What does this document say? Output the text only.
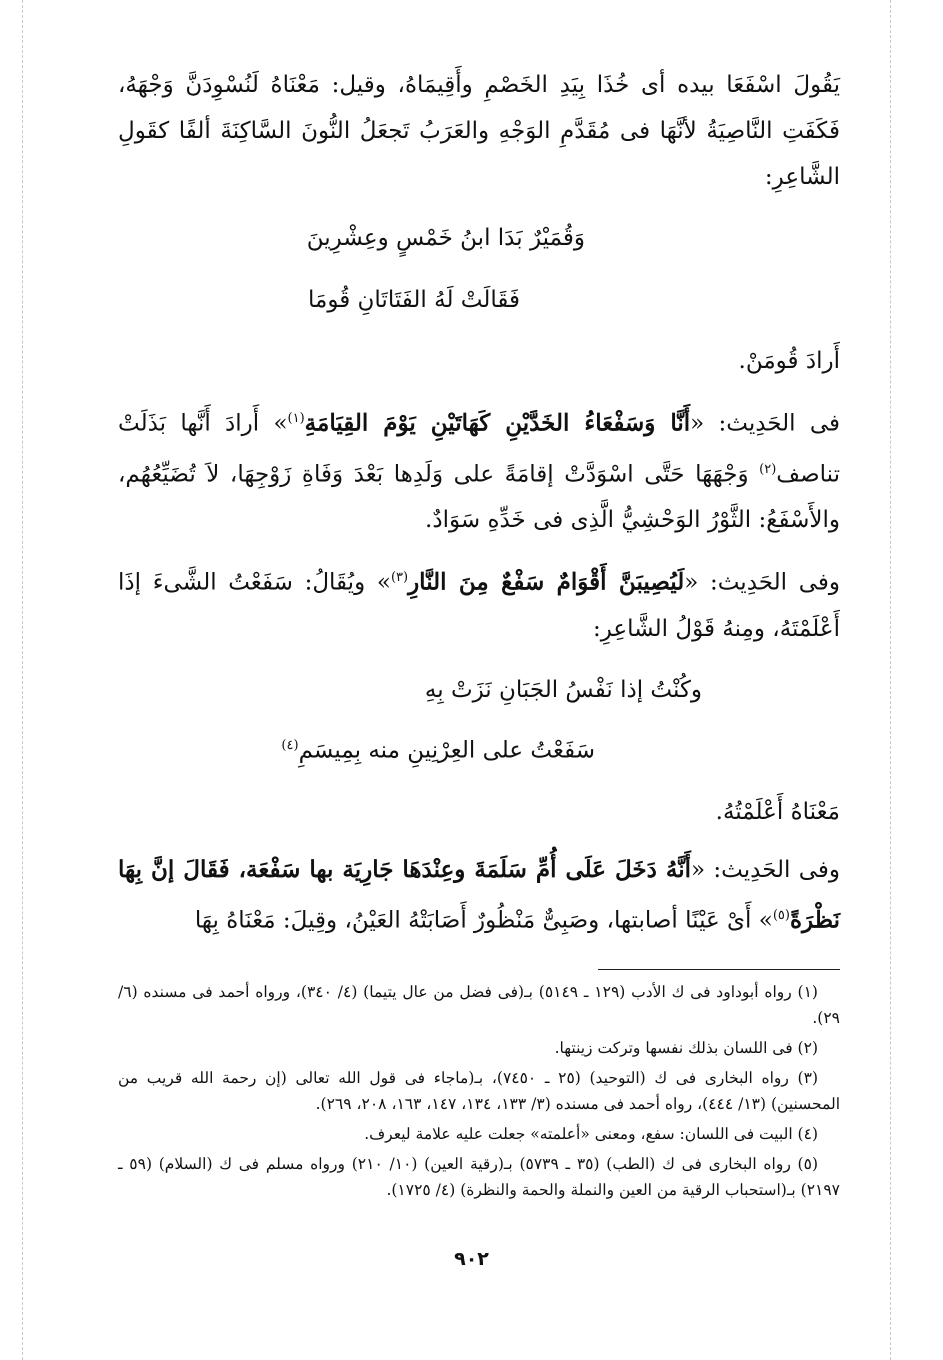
يَقُولَ اسْفَعَا بيده أى خُذَا بِيَدِ الخَصْمِ وأَقِيمَاهُ، وقيل: مَعْنَاهُ لَنُسْوِدَنَّ وَجْهَهُ، فَكَفَتِ النَّاصِيَةُ لأنَّهَا فى مُقَدَّمِ الوَجْهِ والعَرَبُ تَجعَلُ النُّونَ السَّاكِنَةَ ألفًا كقَولِ الشَّاعِرِ:

وَقُمَيْرٌ بَدَا ابنُ خَمْسٍ وعِشْرِينَ
فَقَالَتْ لَهُ الفَتَاتَانِ قُومَا

أَرادَ قُومَنْ.

فى الحَدِيث: «أَنَّا وَسَفْعَاءُ الخَدَّيْنِ كَهَاتَيْنِ يَوْمَ القِيَامَةِ$^{(١)}$» أَرادَ أَنَّها بَذَلَتْ تناصف$^{(٢)}$ وَجْهَهَا حَتَّى اسْوَدَّتْ إقامَةً على وَلَدِها بَعْدَ وَفَاةِ زَوْجِهَا، لاَ تُضَيِّعُهُم، والأَسْفَعُ: الثَّوْرُ الوَحْشِيُّ الَّذِى فى خَدِّهِ سَوَادٌ.

وفى الحَدِيث: «لَيُصِيبَنَّ أَقْوَامٌ سَفْعٌ مِنَ النَّارِ$^{(٣)}$» ويُقَالُ: سَفَعْتُ الشَّىءَ إذَا أَعْلَمْتَهُ، ومِنهُ قَوْلُ الشَّاعِرِ:

وكُنْتُ إذا نَفْسُ الجَبَانِ نَزَتْ بِهِ
سَفَعْتُ على العِرْنِينِ منه بِمِيسَمِ$^{(٤)}$

مَعْنَاهُ أَعْلَمْتُهُ.

وفى الحَدِيث: «أَنَّهُ دَخَلَ عَلَى أُمِّ سَلَمَةَ وعِنْدَهَا جَارِيَة بها سَفْعَة، فَقَالَ إنَّ بِهَا نَظْرَةً$^{(٥)}$» أَىْ عَيْنًا أصابتها، وصَبِىٌّ مَنْظُورٌ أَصَابَتْهُ العَيْنُ، وقِيلَ: مَعْنَاهُ بِهَا

(١) رواه أبوداود فى ك الأدب (١٢٩ ـ ٥١٤٩) بـ(فى فضل من عال يتيما) (٤/ ٣٤٠)، ورواه أحمد فى مسنده (٦/ ٢٩).

(٢) فى اللسان بذلك نفسها وتركت زينتها.

(٣) رواه البخارى فى ك (التوحيد) (٢٥ ـ ٧٤٥٠)، بـ(ماجاء فى قول الله تعالى (إن رحمة الله قريب من المحسنين) (١٣/ ٤٤٤)، رواه أحمد فى مسنده (٣/ ١٣٣، ١٣٤، ١٤٧، ١٦٣، ٢٠٨، ٢٦٩).

(٤) البيت فى اللسان: سفع، ومعنى «أعلمته» جعلت عليه علامة ليعرف.

(٥) رواه البخارى فى ك (الطب) (٣٥ ـ ٥٧٣٩) بـ(رقية العين) (١٠/ ٢١٠) ورواه مسلم فى ك (السلام) (٥٩ ـ ٢١٩٧) بـ(استحباب الرقية من العين والنملة والحمة والنظرة) (٤/ ١٧٢٥).

٩٠٢
